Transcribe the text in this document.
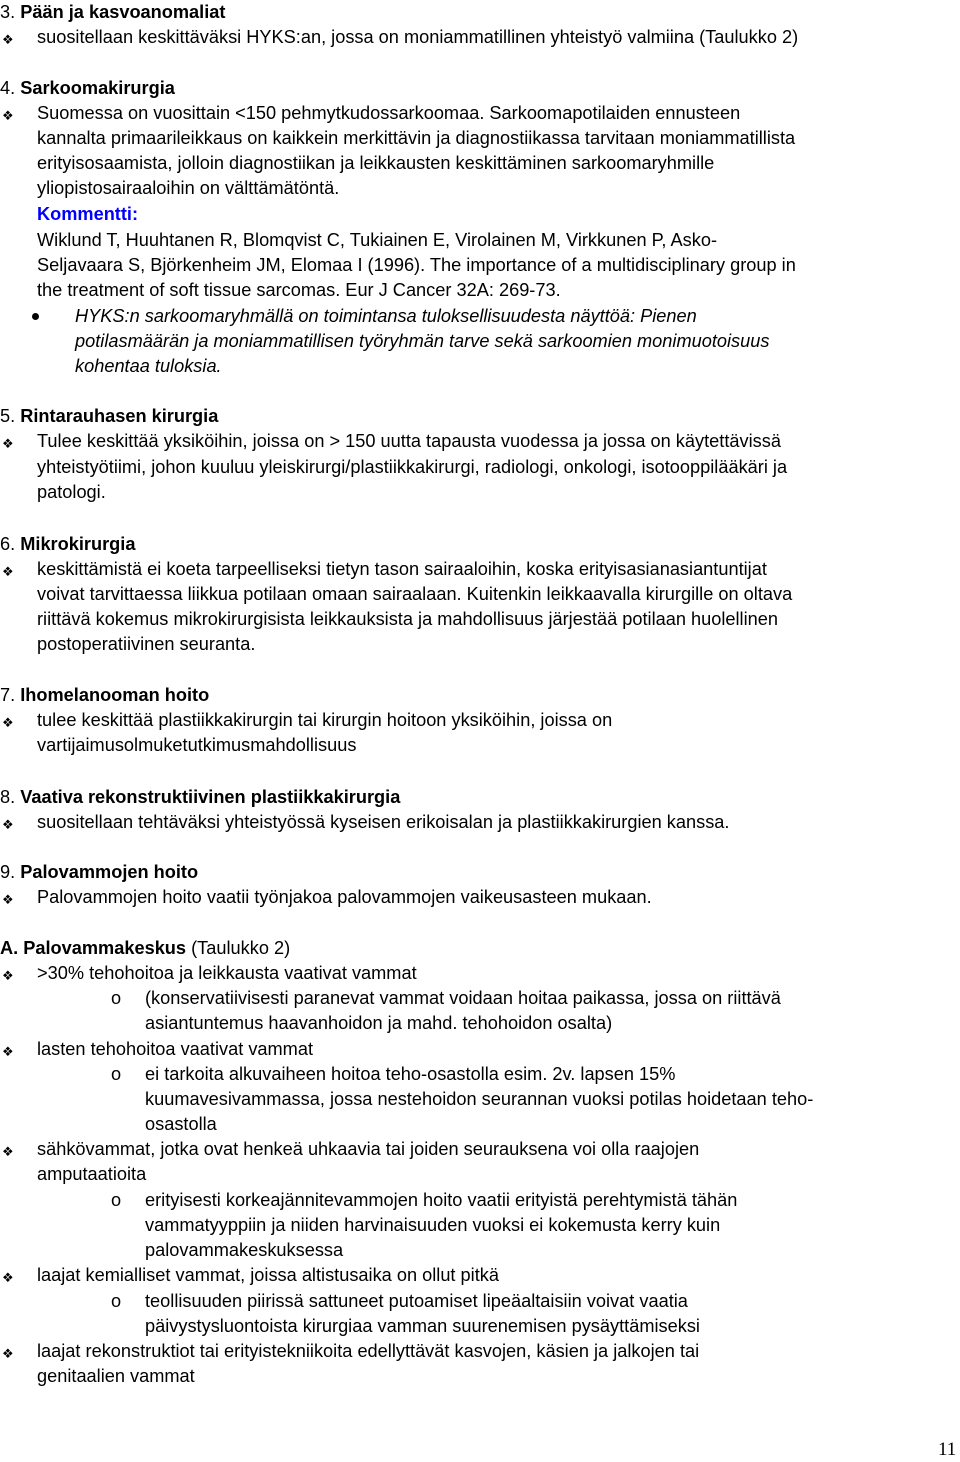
3. Pään ja kasvoanomaliat
❖ suositellaan keskittäväksi HYKS:an, jossa on moniammatillinen yhteistyö valmiina (Taulukko 2)
4. Sarkoomakirurgia
❖ Suomessa on vuosittain <150 pehmytkudossarkoomaa. Sarkoomapotilaiden ennusteen
kannalta primaarileikkaus on kaikkein merkittävin ja diagnostiikassa tarvitaan moniammatillista
erityisosaamista, jolloin diagnostiikan ja leikkausten keskittäminen sarkoomaryhmille
yliopistosairaaloihin on välttämätöntä.
Kommentti:
Wiklund T, Huuhtanen R, Blomqvist C, Tukiainen E, Virolainen M, Virkkunen P, Asko-
Seljavaara S, Björkenheim JM, Elomaa I (1996). The importance of a multidisciplinary group in
the treatment of soft tissue sarcomas. Eur J Cancer 32A: 269-73.
HYKS:n sarkoomaryhmällä on toimintansa tuloksellisuudesta näyttöä: Pienen
potilasmäärän ja moniammatillisen työryhmän tarve sekä sarkoomien monimuotoisuus
kohentaa tuloksia.
5. Rintarauhasen kirurgia
❖ Tulee keskittää yksiköihin, joissa on > 150 uutta tapausta vuodessa ja jossa on käytettävissä
yhteistyötiimi, johon kuuluu yleiskirurgi/plastiikkakirurgi, radiologi, onkologi, isotooppilääkäri ja
patologi.
6. Mikrokirurgia
❖ keskittämistä ei koeta tarpeelliseksi tietyn tason sairaaloihin, koska erityisasianasiantuntijat
voivat tarvittaessa liikkua potilaan omaan sairaalaan. Kuitenkin leikkaavalla kirurgille on oltava
riittävä kokemus mikrokirurgisista leikkauksista ja mahdollisuus järjestää potilaan huolellinen
postoperatiivinen seuranta.
7. Ihomelanooman hoito
❖ tulee keskittää plastiikkakirurgin tai kirurgin hoitoon yksiköihin, joissa on
vartijaimusolmuketutkimusmahdollisuus
8. Vaativa rekonstruktiivinen plastiikkakirurgia
❖ suositellaan tehtäväksi yhteistyössä kyseisen erikoisalan ja plastiikkakirurgien kanssa.
9. Palovammojen hoito
❖ Palovammojen hoito vaatii työnjakoa palovammojen vaikeusasteen mukaan.
A. Palovammakeskus (Taulukko 2)
❖ >30% tehohoitoa ja leikkausta vaativat vammat
o (konservatiivisesti paranevat vammat voidaan hoitaa paikassa, jossa on riittävä
asiantuntemus haavanhoidon ja mahd. tehohoidon osalta)
❖ lasten tehohoitoa vaativat vammat
o ei tarkoita alkuvaiheen hoitoa teho-osastolla esim. 2v. lapsen 15%
kuumavesivammassa, jossa nestehoidon seurannan vuoksi potilas hoidetaan teho-
osastolla
❖ sähkövammat, jotka ovat henkeä uhkaavia tai joiden seurauksena voi olla raajojen
amputaatioita
o erityisesti korkeajännitevammojen hoito vaatii erityistä perehtymistä tähän
vammatyyppiin ja niiden harvinaisuuden vuoksi ei kokemusta kerry kuin
palovammakeskuksessa
❖ laajat kemialliset vammat, joissa altistusaika on ollut pitkä
o teollisuuden piirissä sattuneet putoamiset lipeäaltaisiin voivat vaatia
päivystysluontoista kirurgiaa vamman suurenemisen pysäyttämiseksi
❖ laajat rekonstruktiot tai erityistekniikoita edellyttävät kasvojen, käsien ja jalkojen tai
genitaalien vammat
11
